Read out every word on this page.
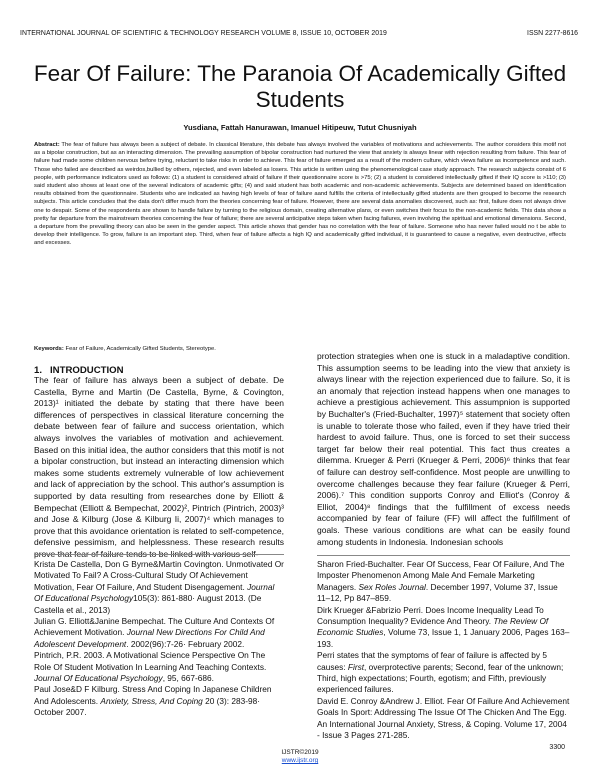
INTERNATIONAL JOURNAL OF SCIENTIFIC & TECHNOLOGY RESEARCH VOLUME 8, ISSUE 10, OCTOBER 2019	ISSN 2277-8616
Fear Of Failure: The Paranoia Of Academically Gifted Students
Yusdiana, Fattah Hanurawan, Imanuel Hitipeuw, Tutut Chusniyah
Abstract: The fear of failure has always been a subject of debate. In classical literature, this debate has always involved the variables of motivations and achievements. The author considers this motif not as a bipolar construction, but as an interacting dimension. The prevailing assumption of bipolar construction had nurtured the view that anxiety is always linear with rejection resulting from failure. This fear of failure had made some children nervous before trying, reluctant to take risks in order to achieve. This fear of failure emerged as a result of the modern culture, which views failure as incompetence and such. Those who failed are described as weirdos,bullied by others, rejected, and even labeled as losers. This article is written using the phenomenological case study approach. The research subjects consist of 6 people, with performance indicators used as follows: (1) a student is considered afraid of failure if their questionnaire score is >75; (2) a student is considered intellectually gifted if their IQ score is >110; (3) said student also shows at least one of the several indicators of academic gifts; (4) and said student has both academic and non-academic achievements. Subjects are determined based on identification results obtained from the questionnaire. Students who are indicated as having high levels of fear of failure aand fulfills the criteria of intellectually gifted students are then grouped to become the research subjects. This article concludes that the data don't differ much from the theories concerning fear of failure. However, there are several data anomalies discovered, such as: first, failure does not always drive one to despair. Some of the respondents are shown to handle failure by turning to the religious domain, creating alternative plans, or even switches their focus to the non-academic fields. This data show a pretty far departure from the mainstream theories concerning the fear of failure; there are several anticipative steps taken when facing failures, even involving the spiritual and emotional dimensions. Second, a departure from the prevailing theory can also be seen in the gender aspect. This article shows that gender has no correlation with the fear of failure. Someone who has never failed would no t be able to develop their intelligence. To grow, failure is an important step. Third, when fear of failure affects a high IQ and academically gifted individual, it is guaranteed to cause a negative, even destructive, effects and excesses.
Keywords: Fear of Failure, Academically Gifted Students, Stereotype.
1. INTRODUCTION
The fear of failure has always been a subject of debate. De Castella, Byrne and Martin (De Castella, Byrne, & Covington, 2013)¹ initiated the debate by stating that there have been differences of perspectives in classical literature concerning the debate between fear of failure and success orientation, which always involves the variables of motivation and achievement. Based on this initial idea, the author considers that this motif is not a bipolar construction, but instead an interacting dimension which makes some students extremely vulnerable of low achievement and lack of appreciation by the school. This author's assumption is supported by data resulting from researches done by Elliott & Bempechat (Elliott & Bempechat, 2002)², Pintrich (Pintrich, 2003)³ and Jose & Kilburg (Jose & Kilburg Ii, 2007)⁴ which manages to prove that this avoidance orientation is related to self-competence, defensive pessimism, and helplessness. These research results prove that fear of failure tends to be linked with various self-
protection strategies when one is stuck in a maladaptive condition. This assumption seems to be leading into the view that anxiety is always linear with the rejection experienced due to failure. So, it is an anomaly that rejection instead happens when one manages to achieve a prestigious achievement. This assumpnion is supported by Buchalter's (Fried-Buchalter, 1997)⁵ statement that society often is unable to tolerate those who failed, even if they have tried their hardest to avoid failure. Thus, one is forced to set their success target far below their real potential. This fact thus creates a dilemma. Krueger & Perri (Krueger & Perri, 2006)⁶ thinks that fear of failure can destroy self-confidence. Most people are unwilling to overcome challenges because they fear failure (Krueger & Perri, 2006).⁷ This condition supports Conroy and Elliot's (Conroy & Elliot, 2004)⁸ findings that the fulfillment of excess needs accompanied by fear of failure (FF) will affect the fulfillment of goals. These various conditions are what can be easily found among students in Indonesia. Indonesian schools

Krista De Castella, Don G Byrne&Martin Covington. Unmotivated Or Motivated To Fail? A Cross-Cultural Study Of Achievement Motivation, Fear Of Failure, And Student Disengagement. Journal Of Educational Psychology105(3): 861-880· August 2013. (De Castella et al., 2013)

Julian G. Elliott&Janine Bempechat. The Culture And Contexts Of Achievement Motivation. Journal New Directions For Child And Adolescent Development. 2002(96):7-26· February 2002.

Pintrich, P.R. 2003. A Motivational Science Perspective On The Role Of Student Motivation In Learning And Teaching Contexts. Journal Of Educational Psychology, 95, 667-686.

Paul Jose&D F Kilburg. Stress And Coping In Japanese Children And Adolescents. Anxiety, Stress, And Coping 20 (3): 283-98· October 2007.

Sharon Fried-Buchalter. Fear Of Success, Fear Of Failure, And The Imposter Phenomenon Among Male And Female Marketing Managers. Sex Roles Journal. December 1997, Volume 37, Issue 11–12, Pp 847–859.

Dirk Krueger &Fabrizio Perri. Does Income Inequality Lead To Consumption Inequality? Evidence And Theory. The Review Of Economic Studies, Volume 73, Issue 1, 1 January 2006, Pages 163–193.

Perri states that the symptoms of fear of failure is affected by 5 causes: First, overprotective parents; Second, fear of the unknown; Third, high expectations; Fourth, egotism; and Fifth, previously experienced failures.

David E. Conroy &Andrew J. Elliot. Fear Of Failure And Achievement Goals In Sport: Addressing The Issue Of The Chicken And The Egg. An International Journal Anxiety, Stress, & Coping. Volume 17, 2004 - Issue 3 Pages 271-285.

IJSTR©2019
www.ijstr.org
3300
